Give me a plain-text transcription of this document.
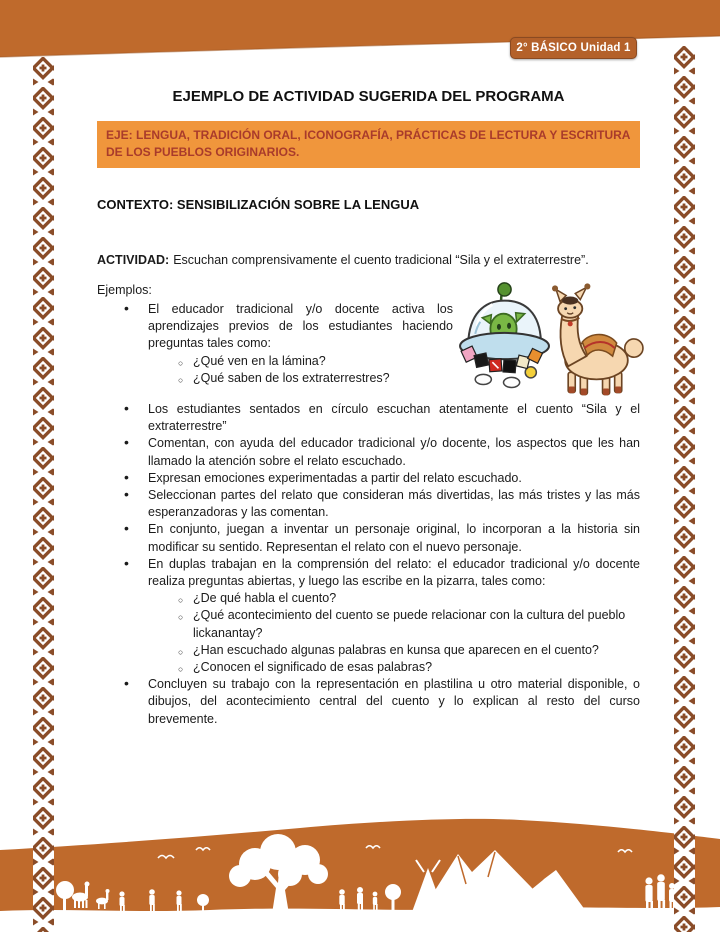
2° BÁSICO Unidad 1
EJEMPLO DE ACTIVIDAD SUGERIDA DEL PROGRAMA
EJE: LENGUA, TRADICIÓN ORAL, ICONOGRAFÍA, PRÁCTICAS DE LECTURA Y ESCRITURA DE LOS PUEBLOS ORIGINARIOS.
CONTEXTO: SENSIBILIZACIÓN SOBRE LA LENGUA
ACTIVIDAD: Escuchan comprensivamente el cuento tradicional “Sila y el extraterrestre”.
Ejemplos:
• El educador tradicional y/o docente activa los aprendizajes previos de los estudiantes haciendo preguntas tales como:
○ ¿Qué ven en la lámina?
○ ¿Qué saben de los extraterrestres?
• Los estudiantes sentados en círculo escuchan atentamente el cuento “Sila y el extraterrestre”
• Comentan, con ayuda del educador tradicional y/o docente, los aspectos que les han llamado la atención sobre el relato escuchado.
• Expresan emociones experimentadas a partir del relato escuchado.
• Seleccionan partes del relato que consideran más divertidas, las más tristes y las más esperanzadoras y las comentan.
• En conjunto, juegan a inventar un personaje original, lo incorporan a la historia sin modificar su sentido. Representan el relato con el nuevo personaje.
• En duplas trabajan en la comprensión del relato: el educador tradicional y/o docente realiza preguntas abiertas, y luego las escribe en la pizarra, tales como:
○ ¿De qué habla el cuento?
○ ¿Qué acontecimiento del cuento se puede relacionar con la cultura del pueblo lickanantay?
○ ¿Han escuchado algunas palabras en kunsa que aparecen en el cuento?
○ ¿Conocen el significado de esas palabras?
• Concluyen su trabajo con la representación en plastilina u otro material disponible, o dibujos, del acontecimiento central del cuento y lo explican al resto del curso brevemente.
